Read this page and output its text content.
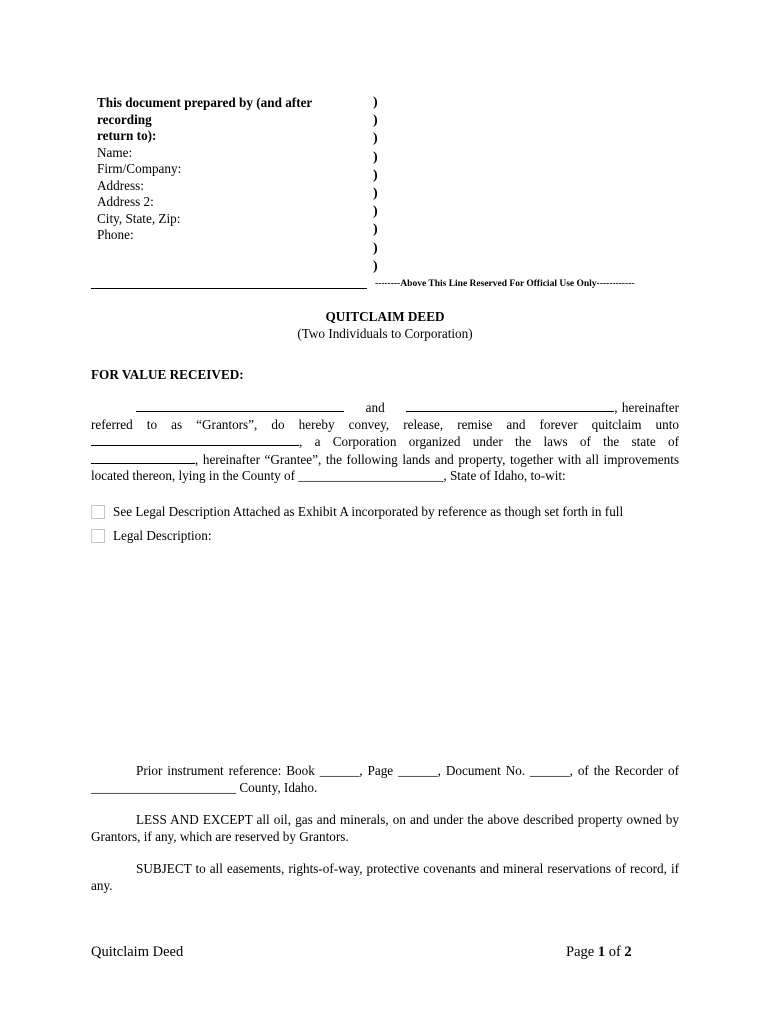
This document prepared by (and after recording
return to):
Name:
Firm/Company:
Address:
Address 2:
City, State, Zip:
Phone:
)
)
)
)
)
)
)
)
)
)
--------Above This Line Reserved For Official Use Only------------
QUITCLAIM DEED
(Two Individuals to Corporation)
FOR VALUE RECEIVED:
and	, hereinafter referred to as “Grantors”, do hereby convey, release, remise and forever quitclaim unto , a Corporation organized under the laws of the state of , hereinafter “Grantee”, the following lands and property, together with all improvements located thereon, lying in the County of ______________________, State of Idaho, to-wit:
See Legal Description Attached as Exhibit A incorporated by reference as though set forth in full
Legal Description:
Prior instrument reference: Book ______, Page ______, Document No. ______, of the Recorder of ______________________ County, Idaho.
LESS AND EXCEPT all oil, gas and minerals, on and under the above described property owned by Grantors, if any, which are reserved by Grantors.
SUBJECT to all easements, rights-of-way, protective covenants and mineral reservations of record, if any.
Quitclaim Deed	Page 1 of 2
